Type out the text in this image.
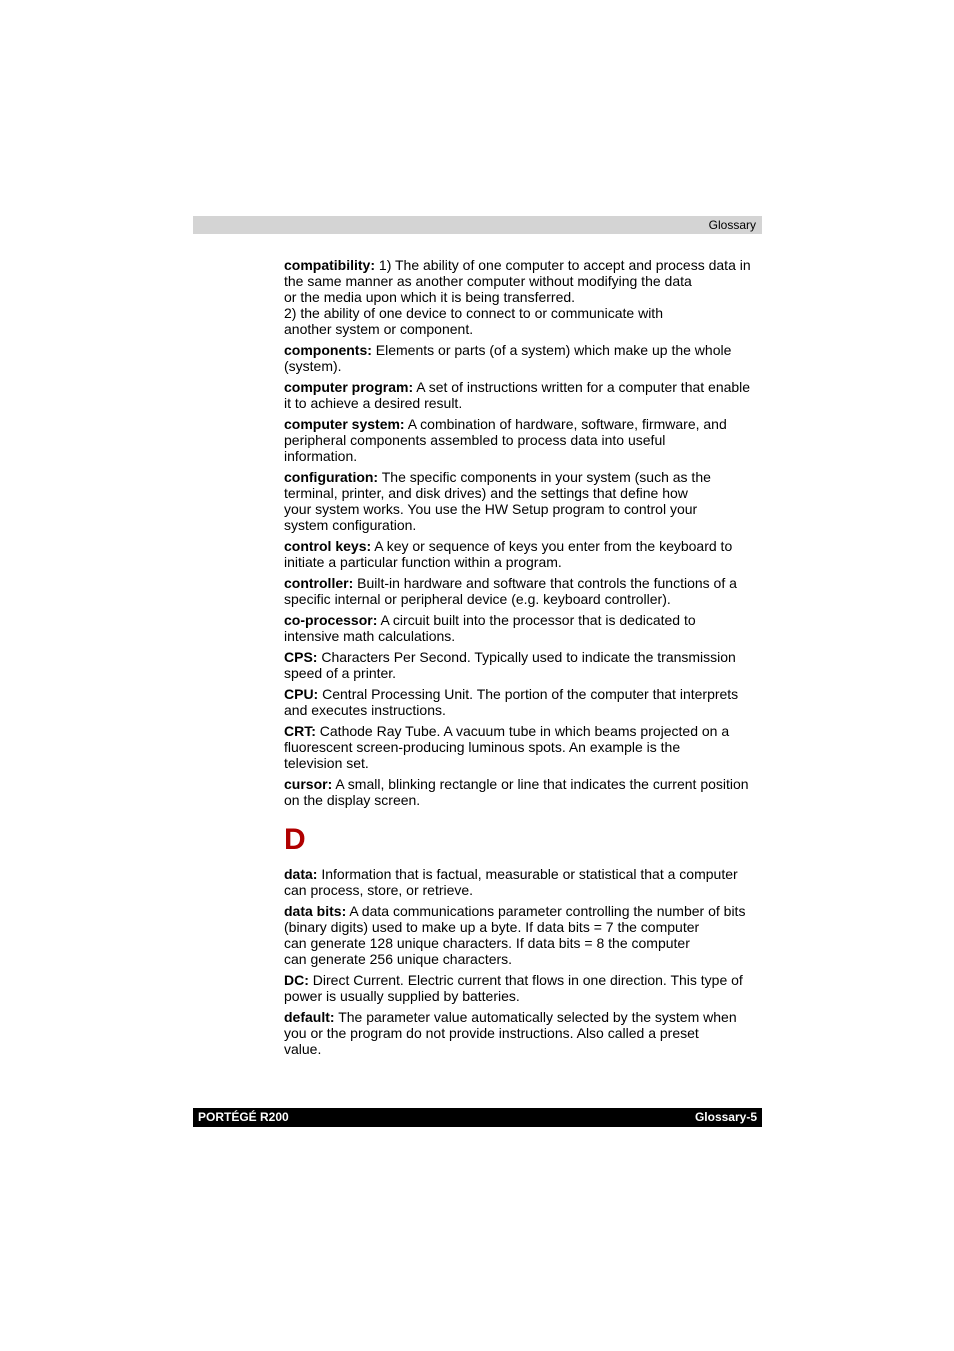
Glossary
compatibility: 1) The ability of one computer to accept and process data in
the same manner as another computer without modifying the data
or the media upon which it is being transferred.
2) the ability of one device to connect to or communicate with
another system or component.
components: Elements or parts (of a system) which make up the whole
(system).
computer program: A set of instructions written for a computer that enable
it to achieve a desired result.
computer system: A combination of hardware, software, firmware, and
peripheral components assembled to process data into useful
information.
configuration: The specific components in your system (such as the
terminal, printer, and disk drives) and the settings that define how
your system works. You use the HW Setup program to control your
system configuration.
control keys: A key or sequence of keys you enter from the keyboard to
initiate a particular function within a program.
controller: Built-in hardware and software that controls the functions of a
specific internal or peripheral device (e.g. keyboard controller).
co-processor: A circuit built into the processor that is dedicated to
intensive math calculations.
CPS: Characters Per Second. Typically used to indicate the transmission
speed of a printer.
CPU: Central Processing Unit. The portion of the computer that interprets
and executes instructions.
CRT: Cathode Ray Tube. A vacuum tube in which beams projected on a
fluorescent screen-producing luminous spots. An example is the
television set.
cursor: A small, blinking rectangle or line that indicates the current position
on the display screen.
D
data: Information that is factual, measurable or statistical that a computer
can process, store, or retrieve.
data bits: A data communications parameter controlling the number of bits
(binary digits) used to make up a byte. If data bits = 7 the computer
can generate 128 unique characters. If data bits = 8 the computer
can generate 256 unique characters.
DC: Direct Current. Electric current that flows in one direction. This type of
power is usually supplied by batteries.
default: The parameter value automatically selected by the system when
you or the program do not provide instructions. Also called a preset
value.
PORTÉGÉ R200	Glossary-5
